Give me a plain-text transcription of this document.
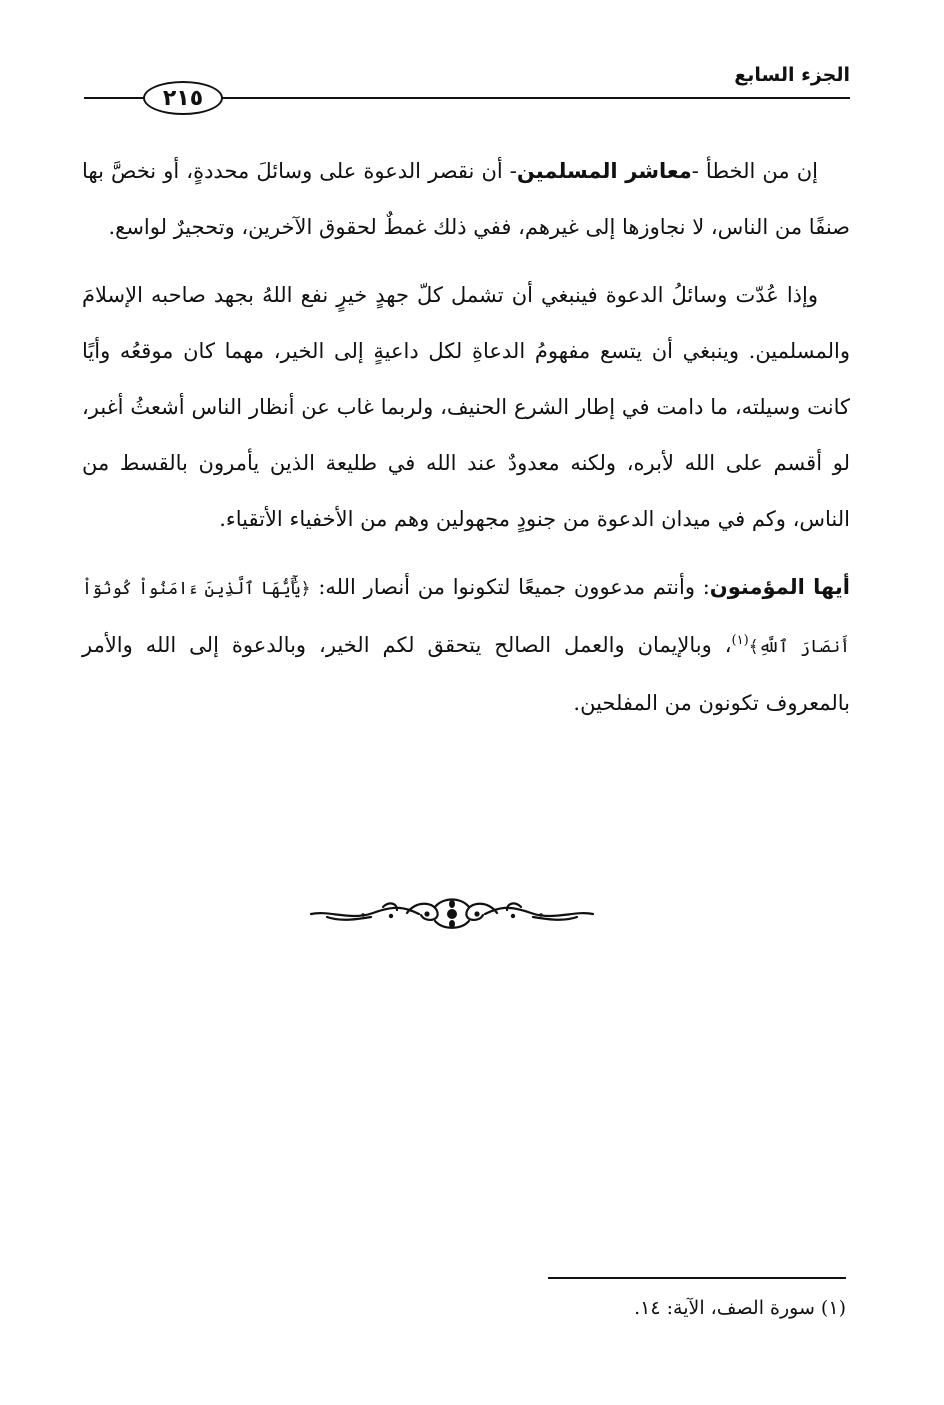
الجزء السابع
٢١٥

إن من الخطأ -معاشر المسلمين- أن نقصر الدعوة على وسائلَ محددةٍ، أو نخصَّ بها صنفًا من الناس، لا نجاوزها إلى غيرهم، ففي ذلك غمطٌ لحقوق الآخرين، وتحجيرٌ لواسع.

وإذا عُدّت وسائلُ الدعوة فينبغي أن تشمل كلّ جهدٍ خيرٍ نفع اللهُ بجهد صاحبه الإسلامَ والمسلمين. وينبغي أن يتسع مفهومُ الدعاةِ لكل داعيةٍ إلى الخير، مهما كان موقعُه وأيًا كانت وسيلته، ما دامت في إطار الشرع الحنيف، ولربما غاب عن أنظار الناس أشعثُ أغبر، لو أقسم على الله لأبره، ولكنه معدودٌ عند الله في طليعة الذين يأمرون بالقسط من الناس، وكم في ميدان الدعوة من جنودٍ مجهولين وهم من الأخفياء الأتقياء.

أيها المؤمنون: وأنتم مدعوون جميعًا لتكونوا من أنصار الله: ﴿يَٰٓأَيُّهَا ٱلَّذِينَ ءَامَنُواْ كُونُوٓاْ أَنصَارَ ٱللَّهِ﴾$^{(١)}$، وبالإيمان والعمل الصالح يتحقق لكم الخير، وبالدعوة إلى الله والأمر بالمعروف تكونون من المفلحين.

(١) سورة الصف، الآية: ١٤.
